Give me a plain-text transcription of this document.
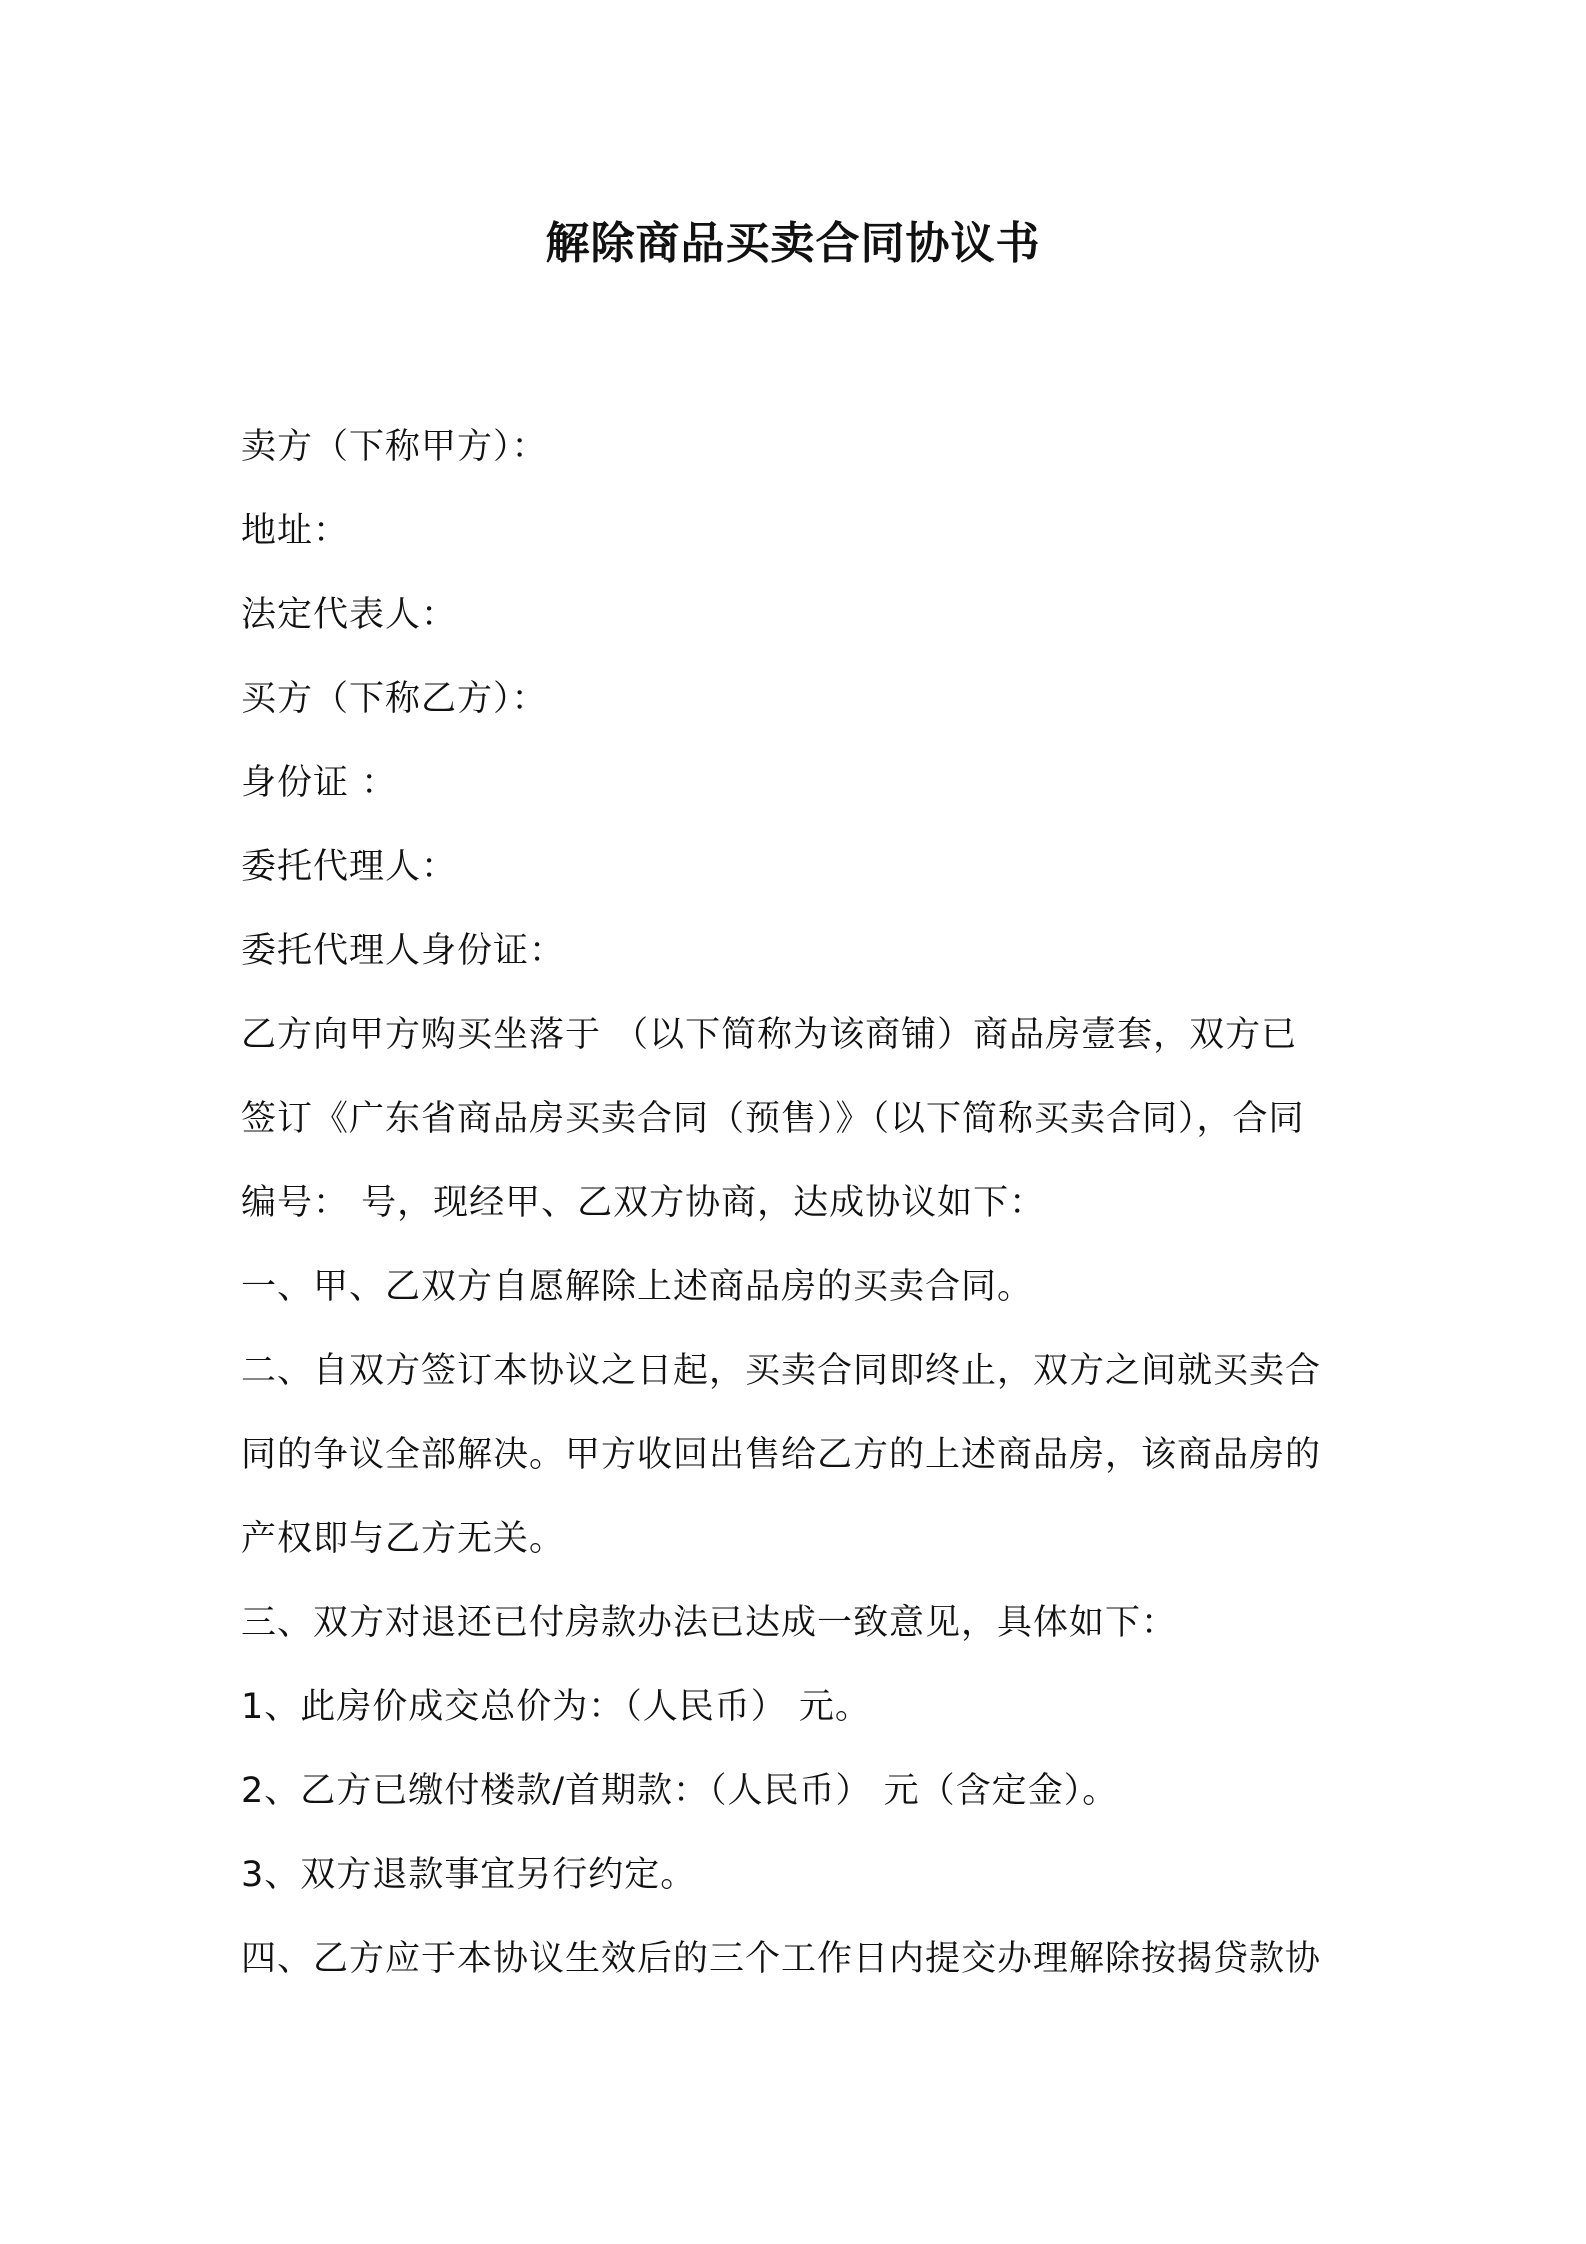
解除商品买卖合同协议书
卖方（下称甲方）：
地址：
法定代表人：
买方（下称乙方）：
身份证 ：
委托代理人：
委托代理人身份证：
乙方向甲方购买坐落于 （以下简称为该商铺）商品房壹套，双方已
签订《广东省商品房买卖合同（预售）》（以下简称买卖合同），合同
编号： 号，现经甲、乙双方协商，达成协议如下：
一、甲、乙双方自愿解除上述商品房的买卖合同。
二、自双方签订本协议之日起，买卖合同即终止，双方之间就买卖合
同的争议全部解决。甲方收回出售给乙方的上述商品房，该商品房的
产权即与乙方无关。
三、双方对退还已付房款办法已达成一致意见，具体如下：
1、此房价成交总价为：（人民币） 元。
2、乙方已缴付楼款/首期款：（人民币） 元（含定金）。
3、双方退款事宜另行约定。
四、乙方应于本协议生效后的三个工作日内提交办理解除按揭贷款协
